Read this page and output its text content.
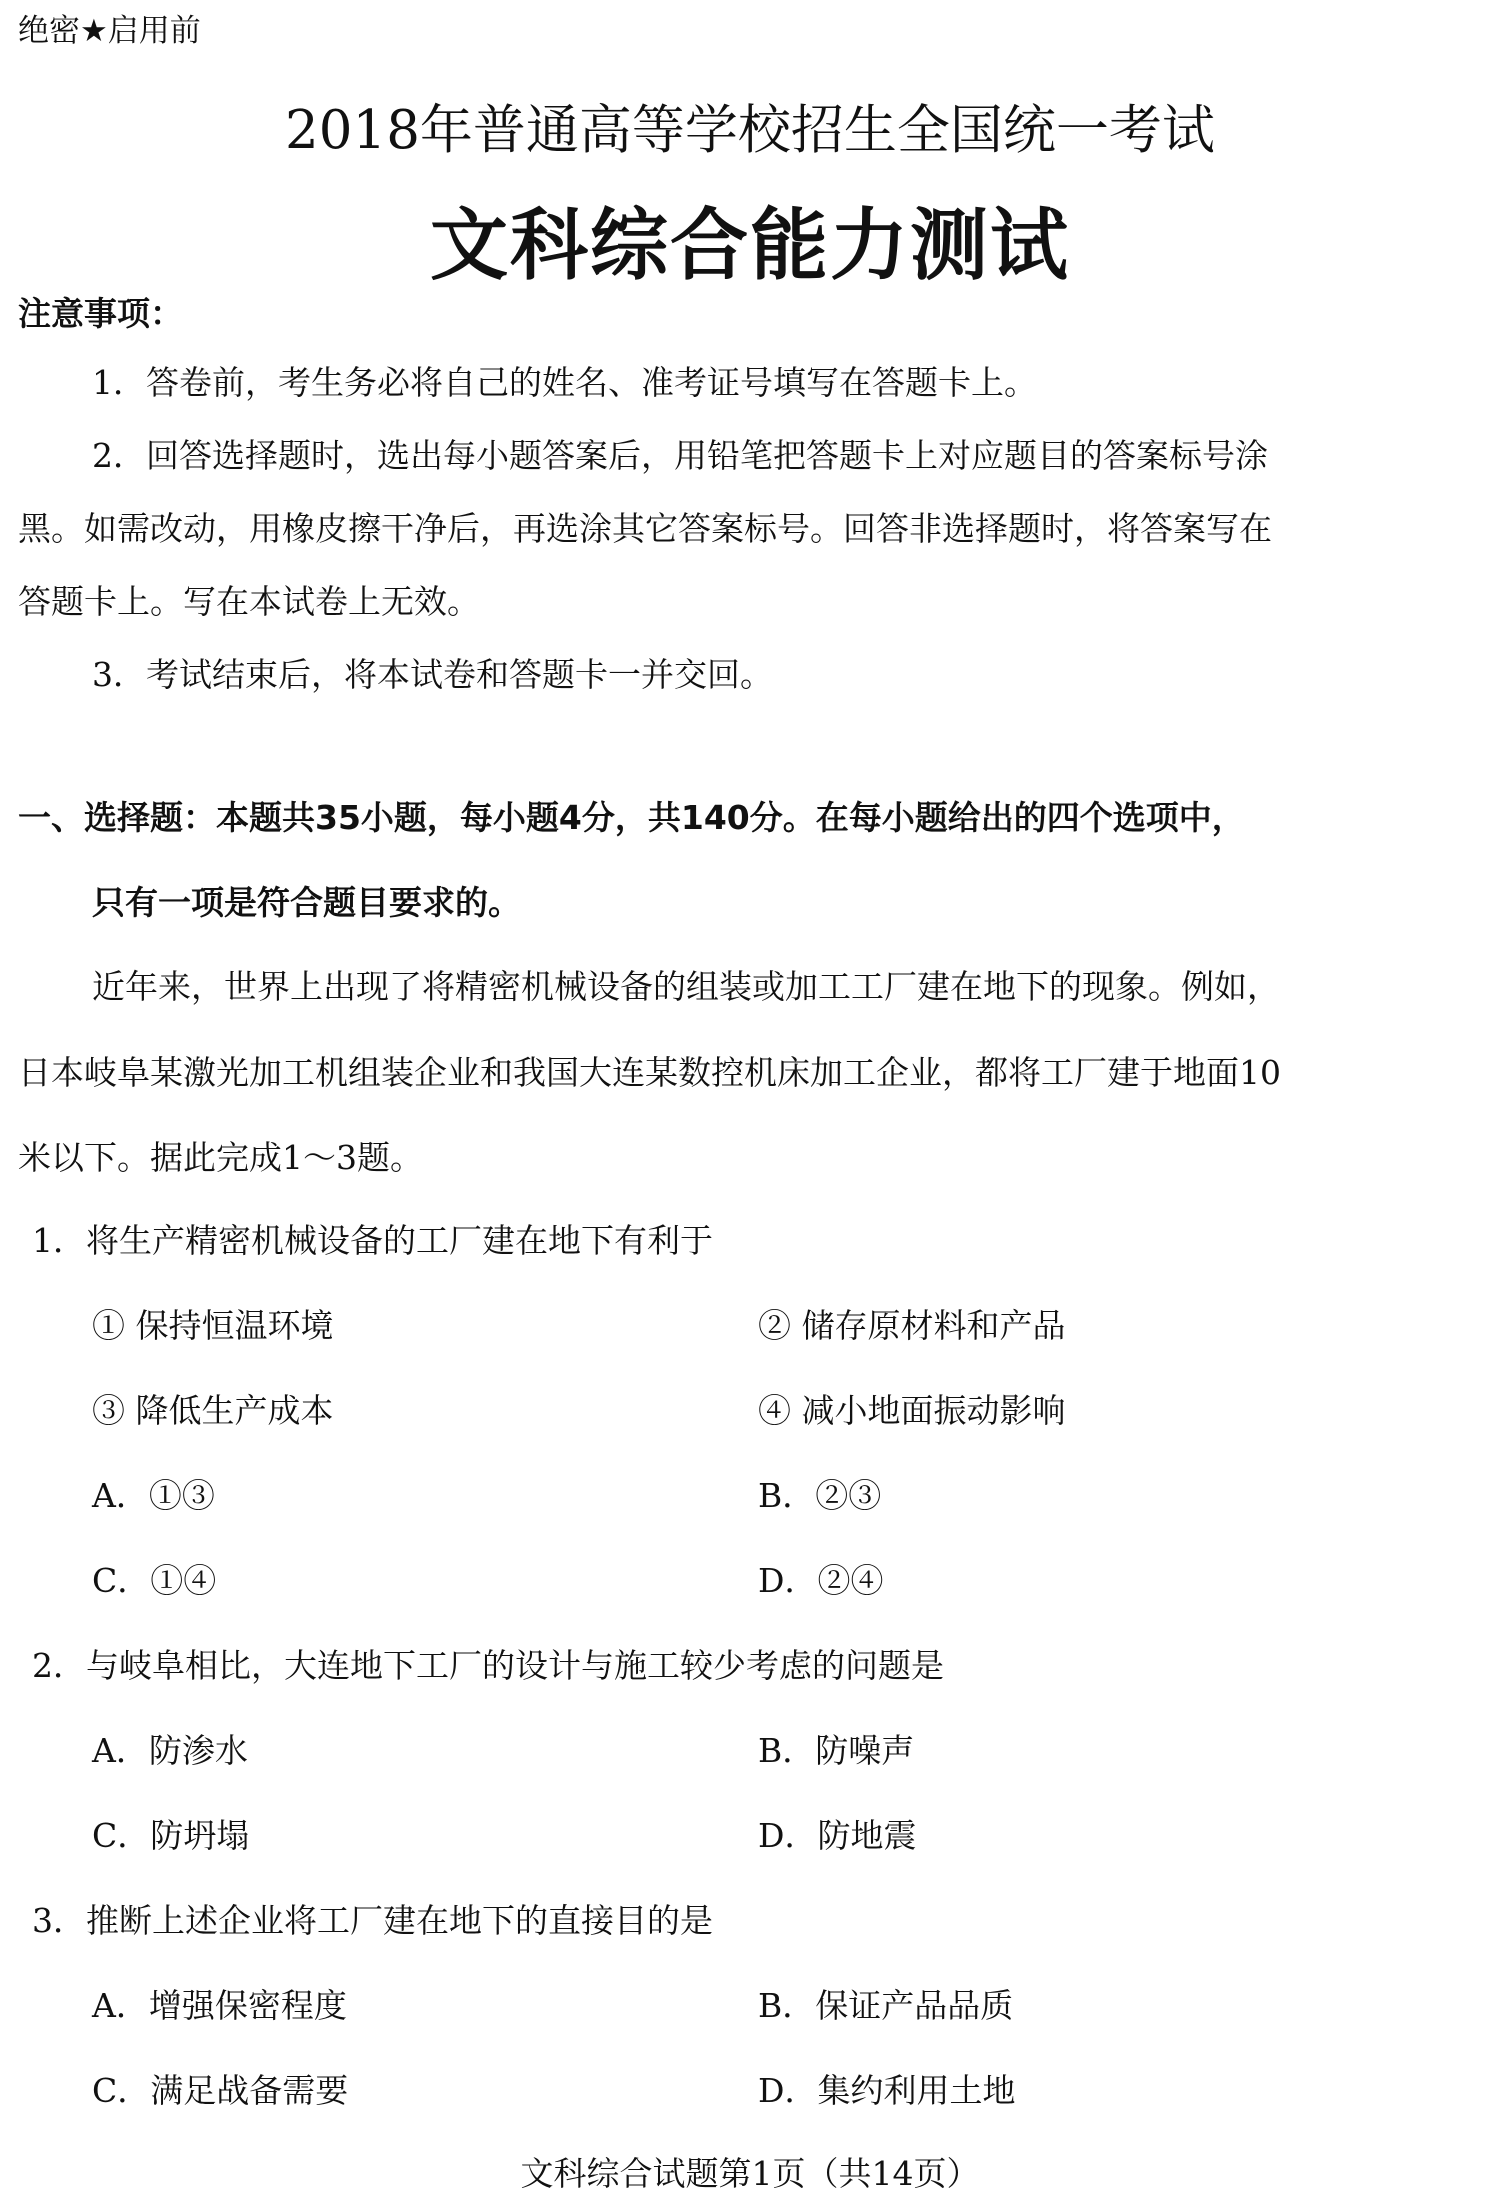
绝密★启用前
2018年普通高等学校招生全国统一考试
文科综合能力测试
注意事项：
1．答卷前，考生务必将自己的姓名、准考证号填写在答题卡上。
2．回答选择题时，选出每小题答案后，用铅笔把答题卡上对应题目的答案标号涂
黑。如需改动，用橡皮擦干净后，再选涂其它答案标号。回答非选择题时，将答案写在
答题卡上。写在本试卷上无效。
3．考试结束后，将本试卷和答题卡一并交回。
一、选择题：本题共35小题，每小题4分，共140分。在每小题给出的四个选项中，
只有一项是符合题目要求的。
近年来，世界上出现了将精密机械设备的组装或加工工厂建在地下的现象。例如，
日本岐阜某激光加工机组装企业和我国大连某数控机床加工企业，都将工厂建于地面10
米以下。据此完成1～3题。
1．将生产精密机械设备的工厂建在地下有利于
① 保持恒温环境	② 储存原材料和产品
③ 降低生产成本	④ 减小地面振动影响
A．①③	B．②③
C．①④	D．②④
2．与岐阜相比，大连地下工厂的设计与施工较少考虑的问题是
A．防渗水	B．防噪声
C．防坍塌	D．防地震
3．推断上述企业将工厂建在地下的直接目的是
A．增强保密程度	B．保证产品品质
C．满足战备需要	D．集约利用土地
文科综合试题第1页（共14页）
